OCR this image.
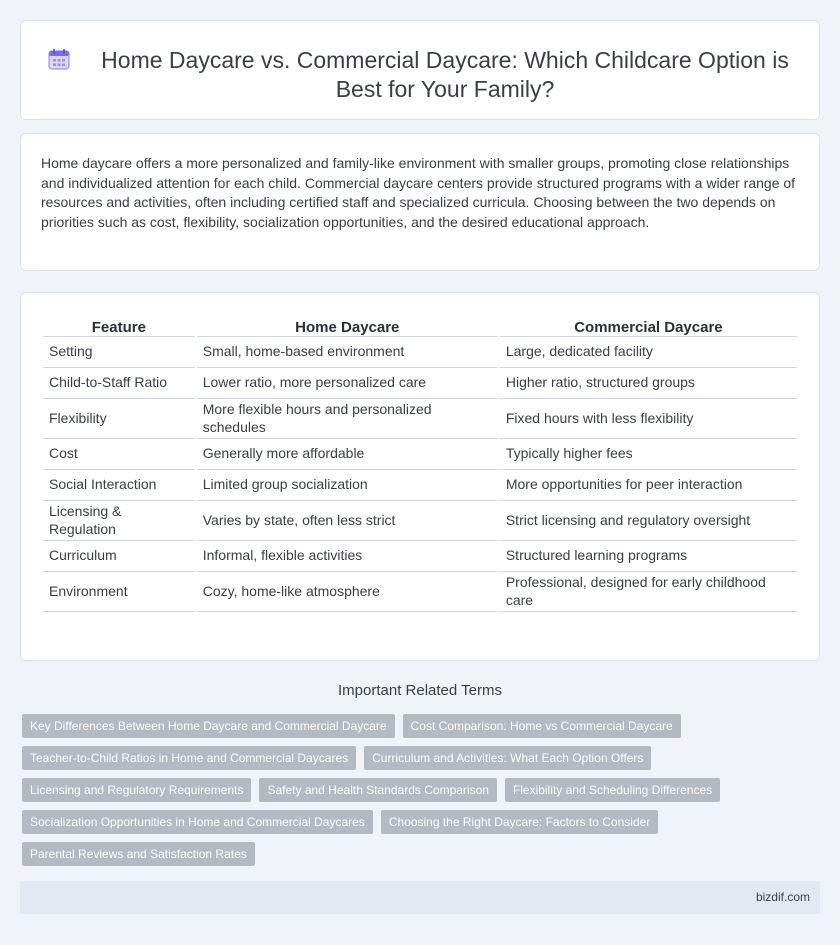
Home Daycare vs. Commercial Daycare: Which Childcare Option is Best for Your Family?

Home daycare offers a more personalized and family-like environment with smaller groups, promoting close relationships and individualized attention for each child. Commercial daycare centers provide structured programs with a wider range of resources and activities, often including certified staff and specialized curricula. Choosing between the two depends on priorities such as cost, flexibility, socialization opportunities, and the desired educational approach.

Feature	Home Daycare	Commercial Daycare
Setting	Small, home-based environment	Large, dedicated facility
Child-to-Staff Ratio	Lower ratio, more personalized care	Higher ratio, structured groups
Flexibility	More flexible hours and personalized schedules	Fixed hours with less flexibility
Cost	Generally more affordable	Typically higher fees
Social Interaction	Limited group socialization	More opportunities for peer interaction
Licensing & Regulation	Varies by state, often less strict	Strict licensing and regulatory oversight
Curriculum	Informal, flexible activities	Structured learning programs
Environment	Cozy, home-like atmosphere	Professional, designed for early childhood care
Important Related Terms
Key Differences Between Home Daycare and Commercial Daycare	Cost Comparison: Home vs Commercial Daycare
Teacher-to-Child Ratios in Home and Commercial Daycares	Curriculum and Activities: What Each Option Offers
Licensing and Regulatory Requirements	Safety and Health Standards Comparison	Flexibility and Scheduling Differences
Socialization Opportunities in Home and Commercial Daycares	Choosing the Right Daycare: Factors to Consider
Parental Reviews and Satisfaction Rates
bizdif.com
